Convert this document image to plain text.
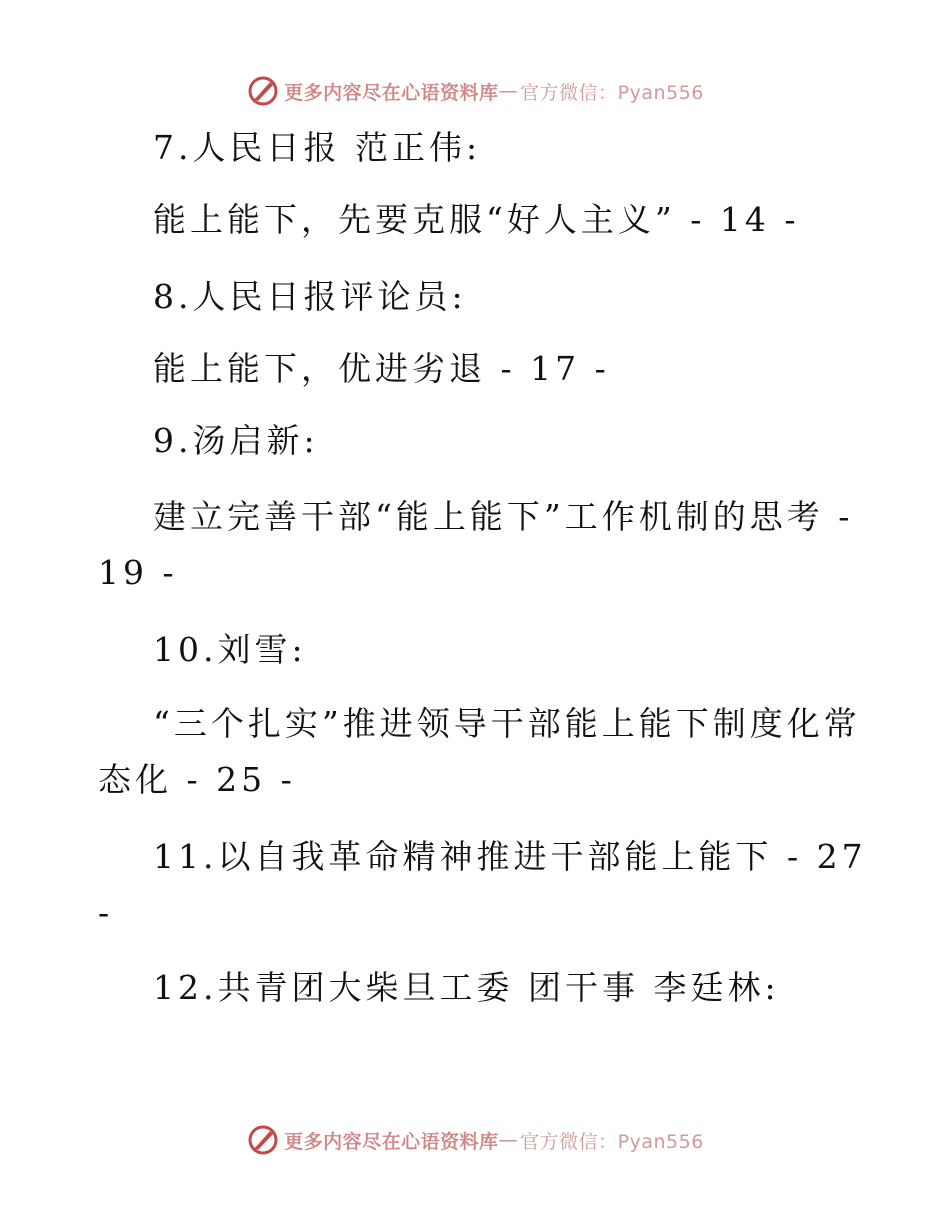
更多内容尽在心语资料库 — 官方微信：Pyan556
7.人民日报 范正伟:
能上能下，先要克服“好人主义” - 14 -
8.人民日报评论员:
能上能下，优进劣退 - 17 -
9.汤启新:
建立完善干部“能上能下”工作机制的思考 -
19 -
10.刘雪:
“三个扎实”推进领导干部能上能下制度化常
态化 - 25 -
11.以自我革命精神推进干部能上能下 - 27
-
12.共青团大柴旦工委 团干事 李廷林:
更多内容尽在心语资料库 — 官方微信：Pyan556
